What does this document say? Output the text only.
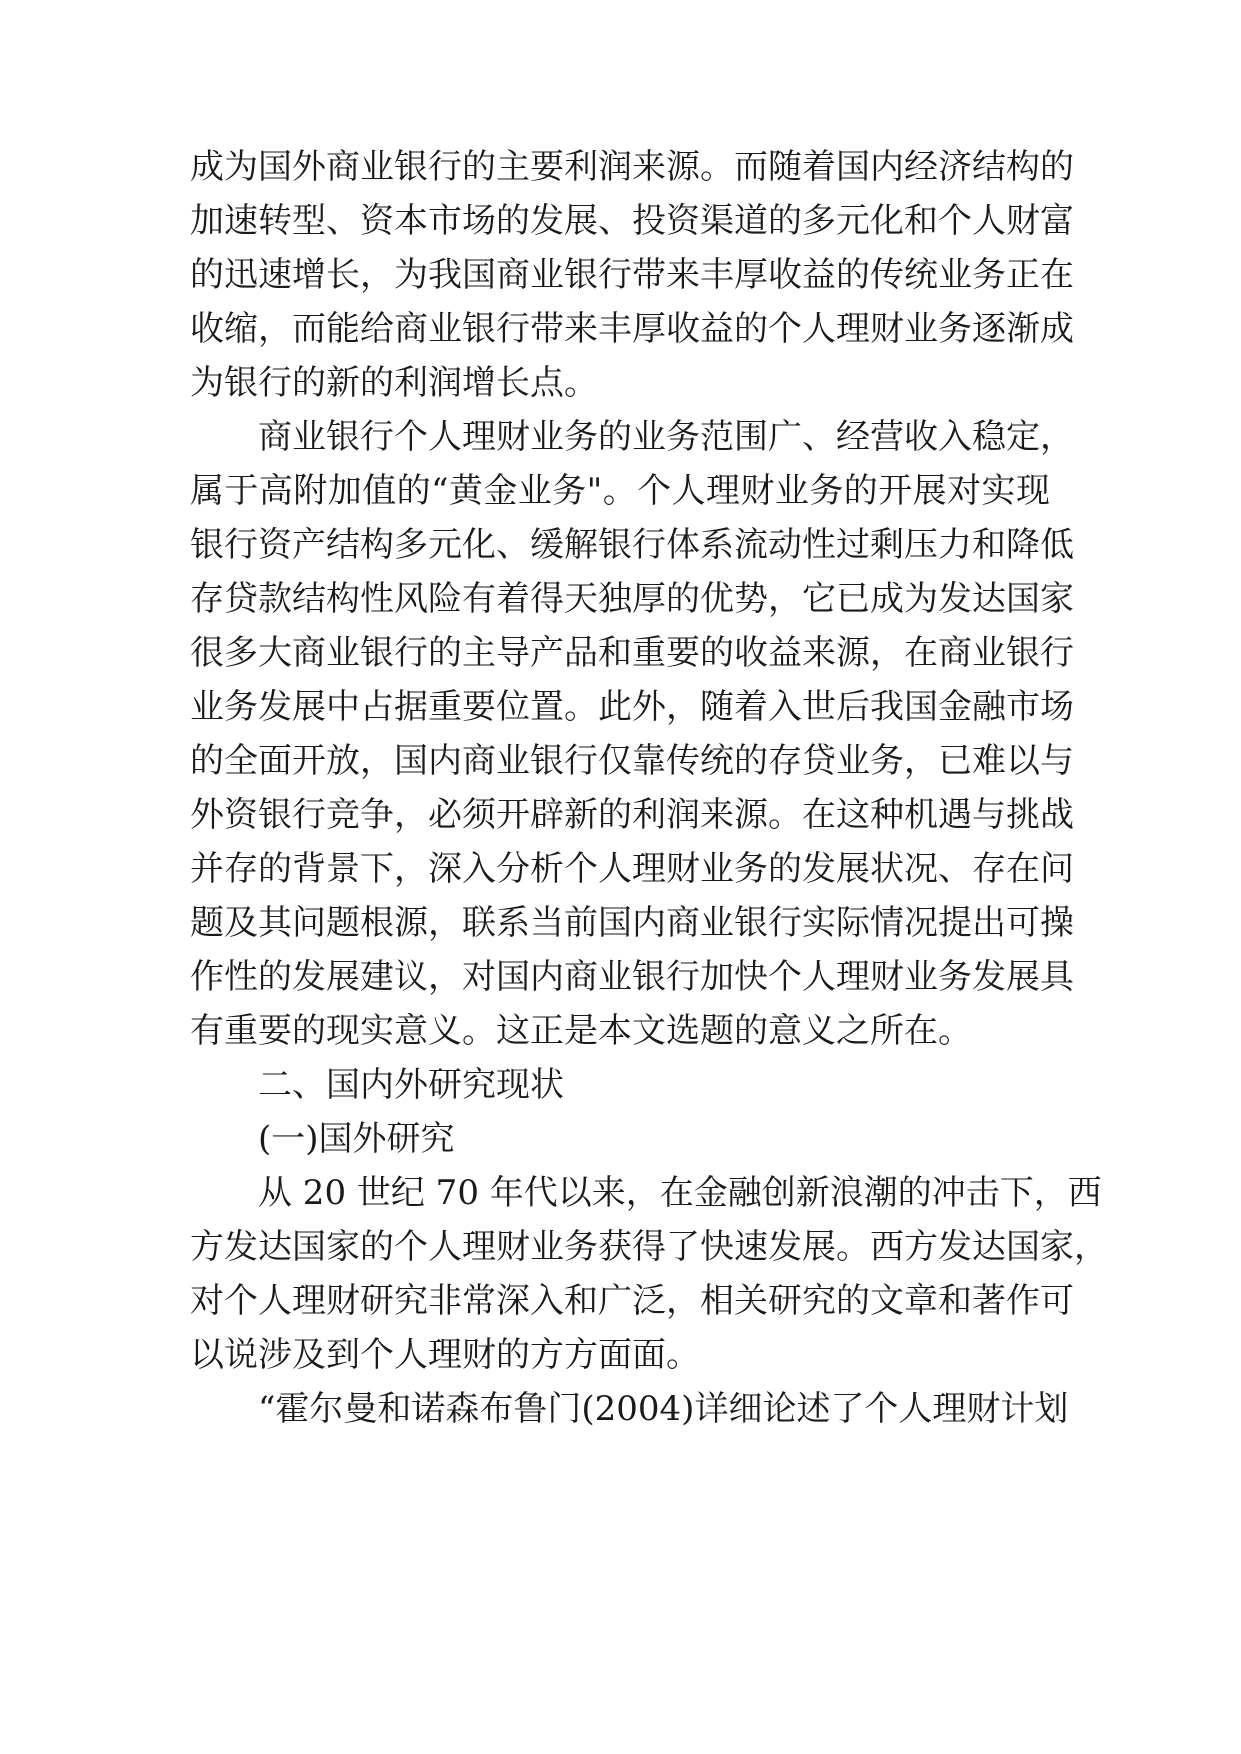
成为国外商业银行的主要利润来源。而随着国内经济结构的
加速转型、资本市场的发展、投资渠道的多元化和个人财富
的迅速增长，为我国商业银行带来丰厚收益的传统业务正在
收缩，而能给商业银行带来丰厚收益的个人理财业务逐渐成
为银行的新的利润增长点。
商业银行个人理财业务的业务范围广、经营收入稳定，
属于高附加值的“黄金业务"。个人理财业务的开展对实现
银行资产结构多元化、缓解银行体系流动性过剩压力和降低
存贷款结构性风险有着得天独厚的优势，它已成为发达国家
很多大商业银行的主导产品和重要的收益来源，在商业银行
业务发展中占据重要位置。此外，随着入世后我国金融市场
的全面开放，国内商业银行仅靠传统的存贷业务，已难以与
外资银行竞争，必须开辟新的利润来源。在这种机遇与挑战
并存的背景下，深入分析个人理财业务的发展状况、存在问
题及其问题根源，联系当前国内商业银行实际情况提出可操
作性的发展建议，对国内商业银行加快个人理财业务发展具
有重要的现实意义。这正是本文选题的意义之所在。
二、国内外研究现状
(一)国外研究
从 20 世纪 70 年代以来，在金融创新浪潮的冲击下，西
方发达国家的个人理财业务获得了快速发展。西方发达国家，
对个人理财研究非常深入和广泛，相关研究的文章和著作可
以说涉及到个人理财的方方面面。
“霍尔曼和诺森布鲁门(2004)详细论述了个人理财计划
